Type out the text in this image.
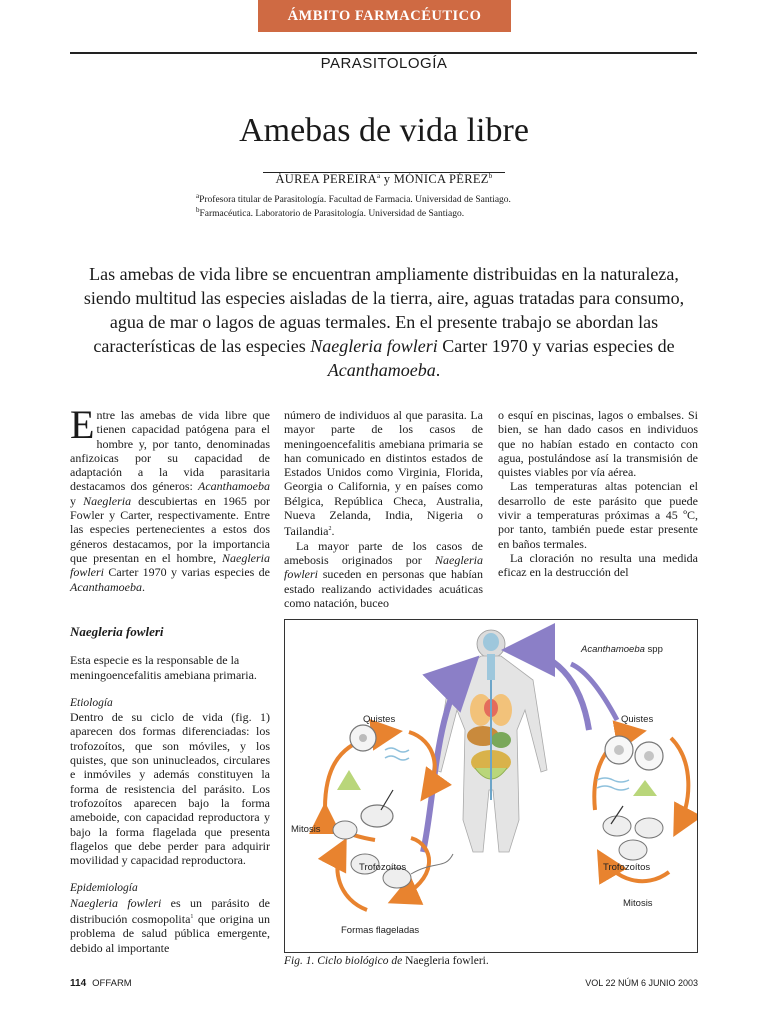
ÁMBITO FARMACÉUTICO
PARASITOLOGÍA
Amebas de vida libre
ÁUREA PEREIRA$^a$ y MÓNICA PÉREZ$^b$
$^a$Profesora titular de Parasitología. Facultad de Farmacia. Universidad de Santiago.
$^b$Farmacéutica. Laboratorio de Parasitología. Universidad de Santiago.
Las amebas de vida libre se encuentran ampliamente distribuidas en la naturaleza, siendo multitud las especies aisladas de la tierra, aire, aguas tratadas para consumo, agua de mar o lagos de aguas termales. En el presente trabajo se abordan las características de las especies Naegleria fowleri Carter 1970 y varias especies de Acanthamoeba.

Entre las amebas de vida libre que tienen capacidad patógena para el hombre y, por tanto, denominadas anfizoicas por su capacidad de adaptación a la vida parasitaria destacamos dos géneros: Acanthamoeba y Naegleria descubiertas en 1965 por Fowler y Carter, respectivamente. Entre las especies pertenecientes a estos dos géneros destacamos, por la importancia que presentan en el hombre, Naegleria fowleri Carter 1970 y varias especies de Acanthamoeba.

Naegleria fowleri

Esta especie es la responsable de la meningoencefalitis amebiana primaria.

Etiología

Dentro de su ciclo de vida (fig. 1) aparecen dos formas diferenciadas: los trofozoítos, que son móviles, y los quistes, que son uninucleados, circulares e inmóviles y además constituyen la forma de resistencia del parásito. Los trofozoítos aparecen bajo la forma ameboide, con capacidad reproductora y bajo la forma flagelada que presenta flagelos que debe perder para adquirir movilidad y capacidad reproductora.

Epidemiología

Naegleria fowleri es un parásito de distribución cosmopolita$^1$ que origina un problema de salud pública emergente, debido al importante

número de individuos al que parasita. La mayor parte de los casos de meningoencefalitis amebiana primaria se han comunicado en distintos estados de Estados Unidos como Virginia, Florida, Georgia o California, y en países como Bélgica, República Checa, Australia, Nueva Zelanda, India, Nigeria o Tailandia$^2$.

La mayor parte de los casos de amebosis originados por Naegleria fowleri suceden en personas que habían estado realizando actividades acuáticas como natación, buceo

o esquí en piscinas, lagos o embalses. Si bien, se han dado casos en individuos que no habían estado en contacto con agua, postulándose así la transmisión de quistes viables por vía aérea.

Las temperaturas altas potencian el desarrollo de este parásito que puede vivir a temperaturas próximas a 45 ºC, por tanto, también puede estar presente en baños termales.

La cloración no resulta una medida eficaz en la destrucción del

Acanthamoeba spp
Quistes	Quistes
Mitosis
Trofozoítos	Trofozoítos
Mitosis
Formas flageladas
Fig. 1. Ciclo biológico de Naegleria fowleri.
114 OFFARM	VOL 22 NÚM 6 JUNIO 2003
